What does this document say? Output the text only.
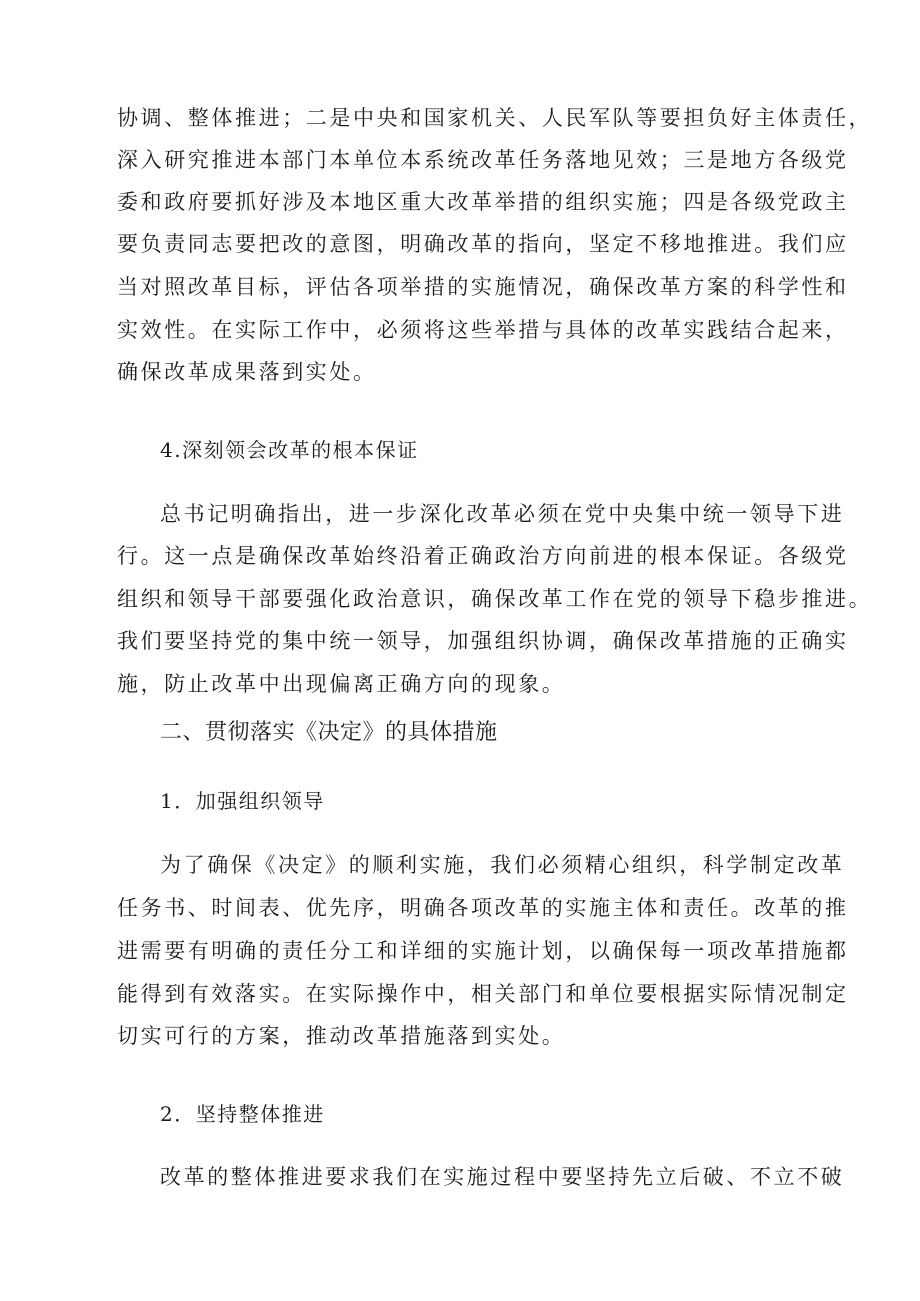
协调、整体推进；二是中央和国家机关、人民军队等要担负好主体责任，
深入研究推进本部门本单位本系统改革任务落地见效；三是地方各级党
委和政府要抓好涉及本地区重大改革举措的组织实施；四是各级党政主
要负责同志要把改的意图，明确改革的指向，坚定不移地推进。我们应
当对照改革目标，评估各项举措的实施情况，确保改革方案的科学性和
实效性。在实际工作中，必须将这些举措与具体的改革实践结合起来，
确保改革成果落到实处。
4.深刻领会改革的根本保证
总书记明确指出，进一步深化改革必须在党中央集中统一领导下进
行。这一点是确保改革始终沿着正确政治方向前进的根本保证。各级党
组织和领导干部要强化政治意识，确保改革工作在党的领导下稳步推进。
我们要坚持党的集中统一领导，加强组织协调，确保改革措施的正确实
施，防止改革中出现偏离正确方向的现象。
二、贯彻落实《决定》的具体措施
1．加强组织领导
为了确保《决定》的顺利实施，我们必须精心组织，科学制定改革
任务书、时间表、优先序，明确各项改革的实施主体和责任。改革的推
进需要有明确的责任分工和详细的实施计划，以确保每一项改革措施都
能得到有效落实。在实际操作中，相关部门和单位要根据实际情况制定
切实可行的方案，推动改革措施落到实处。
2．坚持整体推进
改革的整体推进要求我们在实施过程中要坚持先立后破、不立不破
